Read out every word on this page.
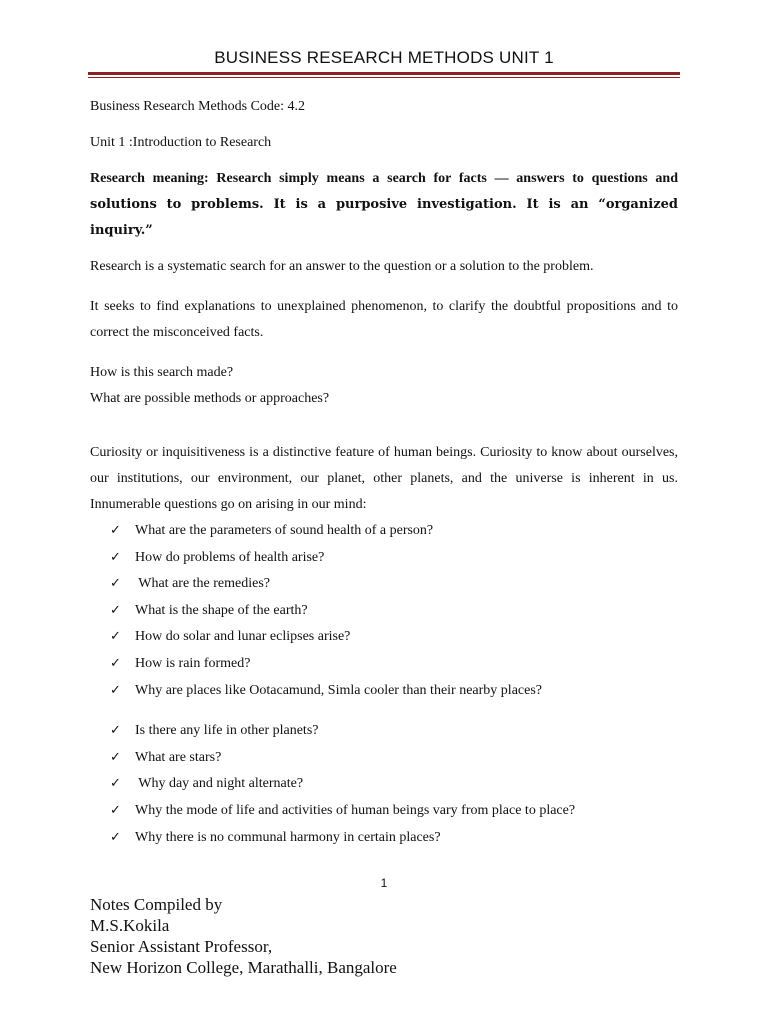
BUSINESS RESEARCH METHODS UNIT 1

Business Research Methods Code: 4.2

Unit 1 :Introduction to Research

Research meaning: Research simply means a search for facts — answers to questions and solutions to problems. It is a purposive investigation. It is an “organized inquiry.”

Research is a systematic search for an answer to the question or a solution to the problem.

It seeks to find explanations to unexplained phenomenon, to clarify the doubtful propositions and to correct the misconceived facts.

How is this search made?

What are possible methods or approaches?

Curiosity or inquisitiveness is a distinctive feature of human beings. Curiosity to know about ourselves, our institutions, our environment, our planet, other planets, and the universe is inherent in us. Innumerable questions go on arising in our mind:

✓ What are the parameters of sound health of a person?
✓ How do problems of health arise?
✓ What are the remedies?
✓ What is the shape of the earth?
✓ How do solar and lunar eclipses arise?
✓ How is rain formed?
✓ Why are places like Ootacamund, Simla cooler than their nearby places?
✓ Is there any life in other planets?
✓ What are stars?
✓ Why day and night alternate?
✓ Why the mode of life and activities of human beings vary from place to place?
✓ Why there is no communal harmony in certain places?
1
Notes Compiled by
M.S.Kokila
Senior Assistant Professor,
New Horizon College, Marathalli, Bangalore
